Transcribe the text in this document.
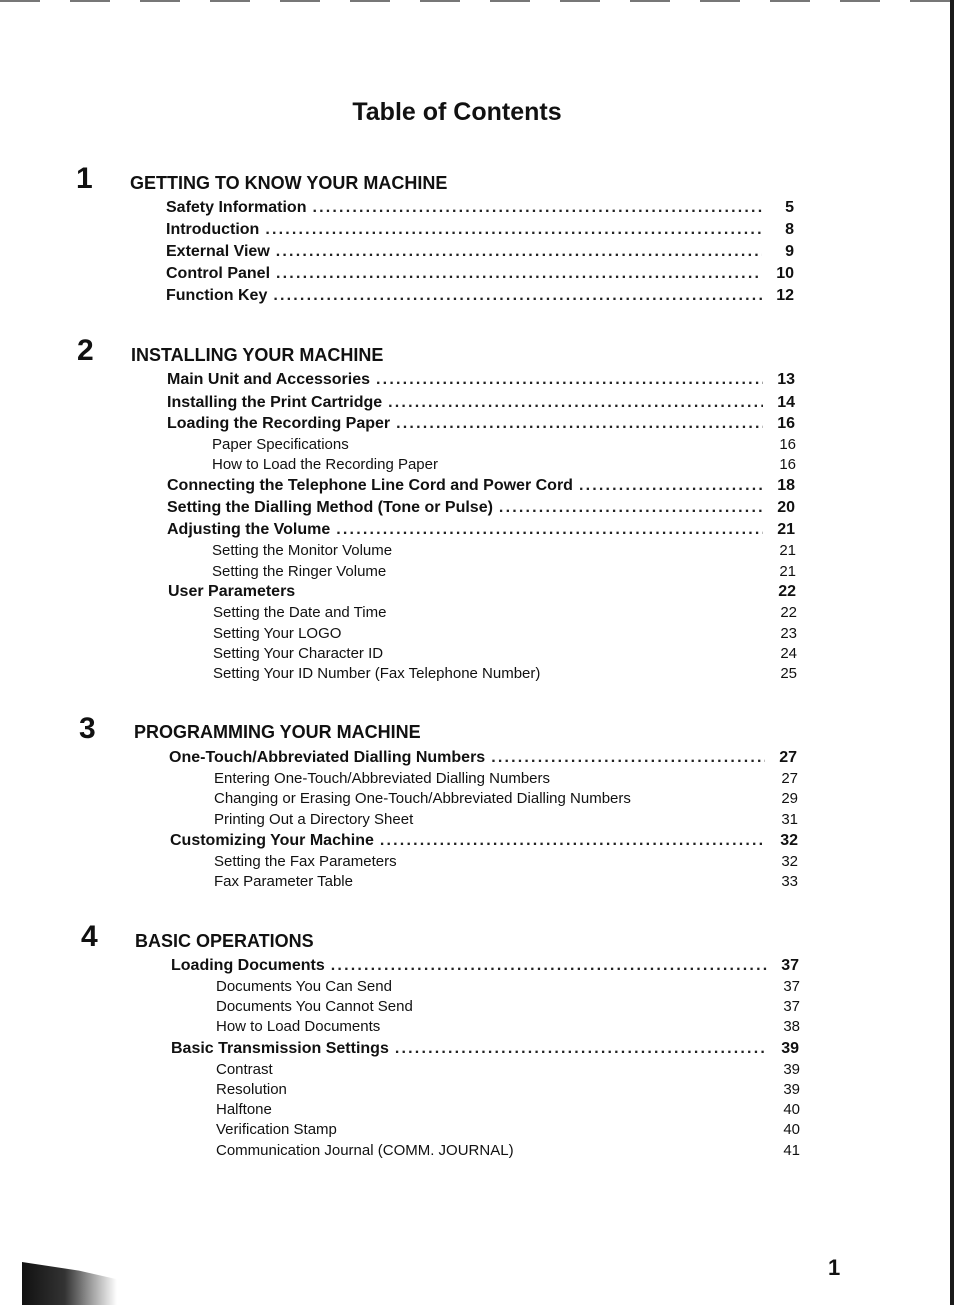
Table of Contents
1 GETTING TO KNOW YOUR MACHINE
Safety Information .....	5
Introduction .....	8
External View .....	9
Control Panel .....	10
Function Key .....	12
2 INSTALLING YOUR MACHINE
Main Unit and Accessories .....	13
Installing the Print Cartridge .....	14
Loading the Recording Paper .....	16
Paper Specifications	16
How to Load the Recording Paper	16
Connecting the Telephone Line Cord and Power Cord .....	18
Setting the Dialling Method (Tone or Pulse) .....	20
Adjusting the Volume .....	21
Setting the Monitor Volume	21
Setting the Ringer Volume	21
User Parameters	22
Setting the Date and Time	22
Setting Your LOGO	23
Setting Your Character ID	24
Setting Your ID Number (Fax Telephone Number)	25
3 PROGRAMMING YOUR MACHINE
One-Touch/Abbreviated Dialling Numbers .....	27
Entering One-Touch/Abbreviated Dialling Numbers	27
Changing or Erasing One-Touch/Abbreviated Dialling Numbers	29
Printing Out a Directory Sheet	31
Customizing Your Machine .....	32
Setting the Fax Parameters	32
Fax Parameter Table	33
4 BASIC OPERATIONS
Loading Documents .....	37
Documents You Can Send	37
Documents You Cannot Send	37
How to Load Documents	38
Basic Transmission Settings .....	39
Contrast	39
Resolution	39
Halftone	40
Verification Stamp	40
Communication Journal (COMM. JOURNAL)	41
1
